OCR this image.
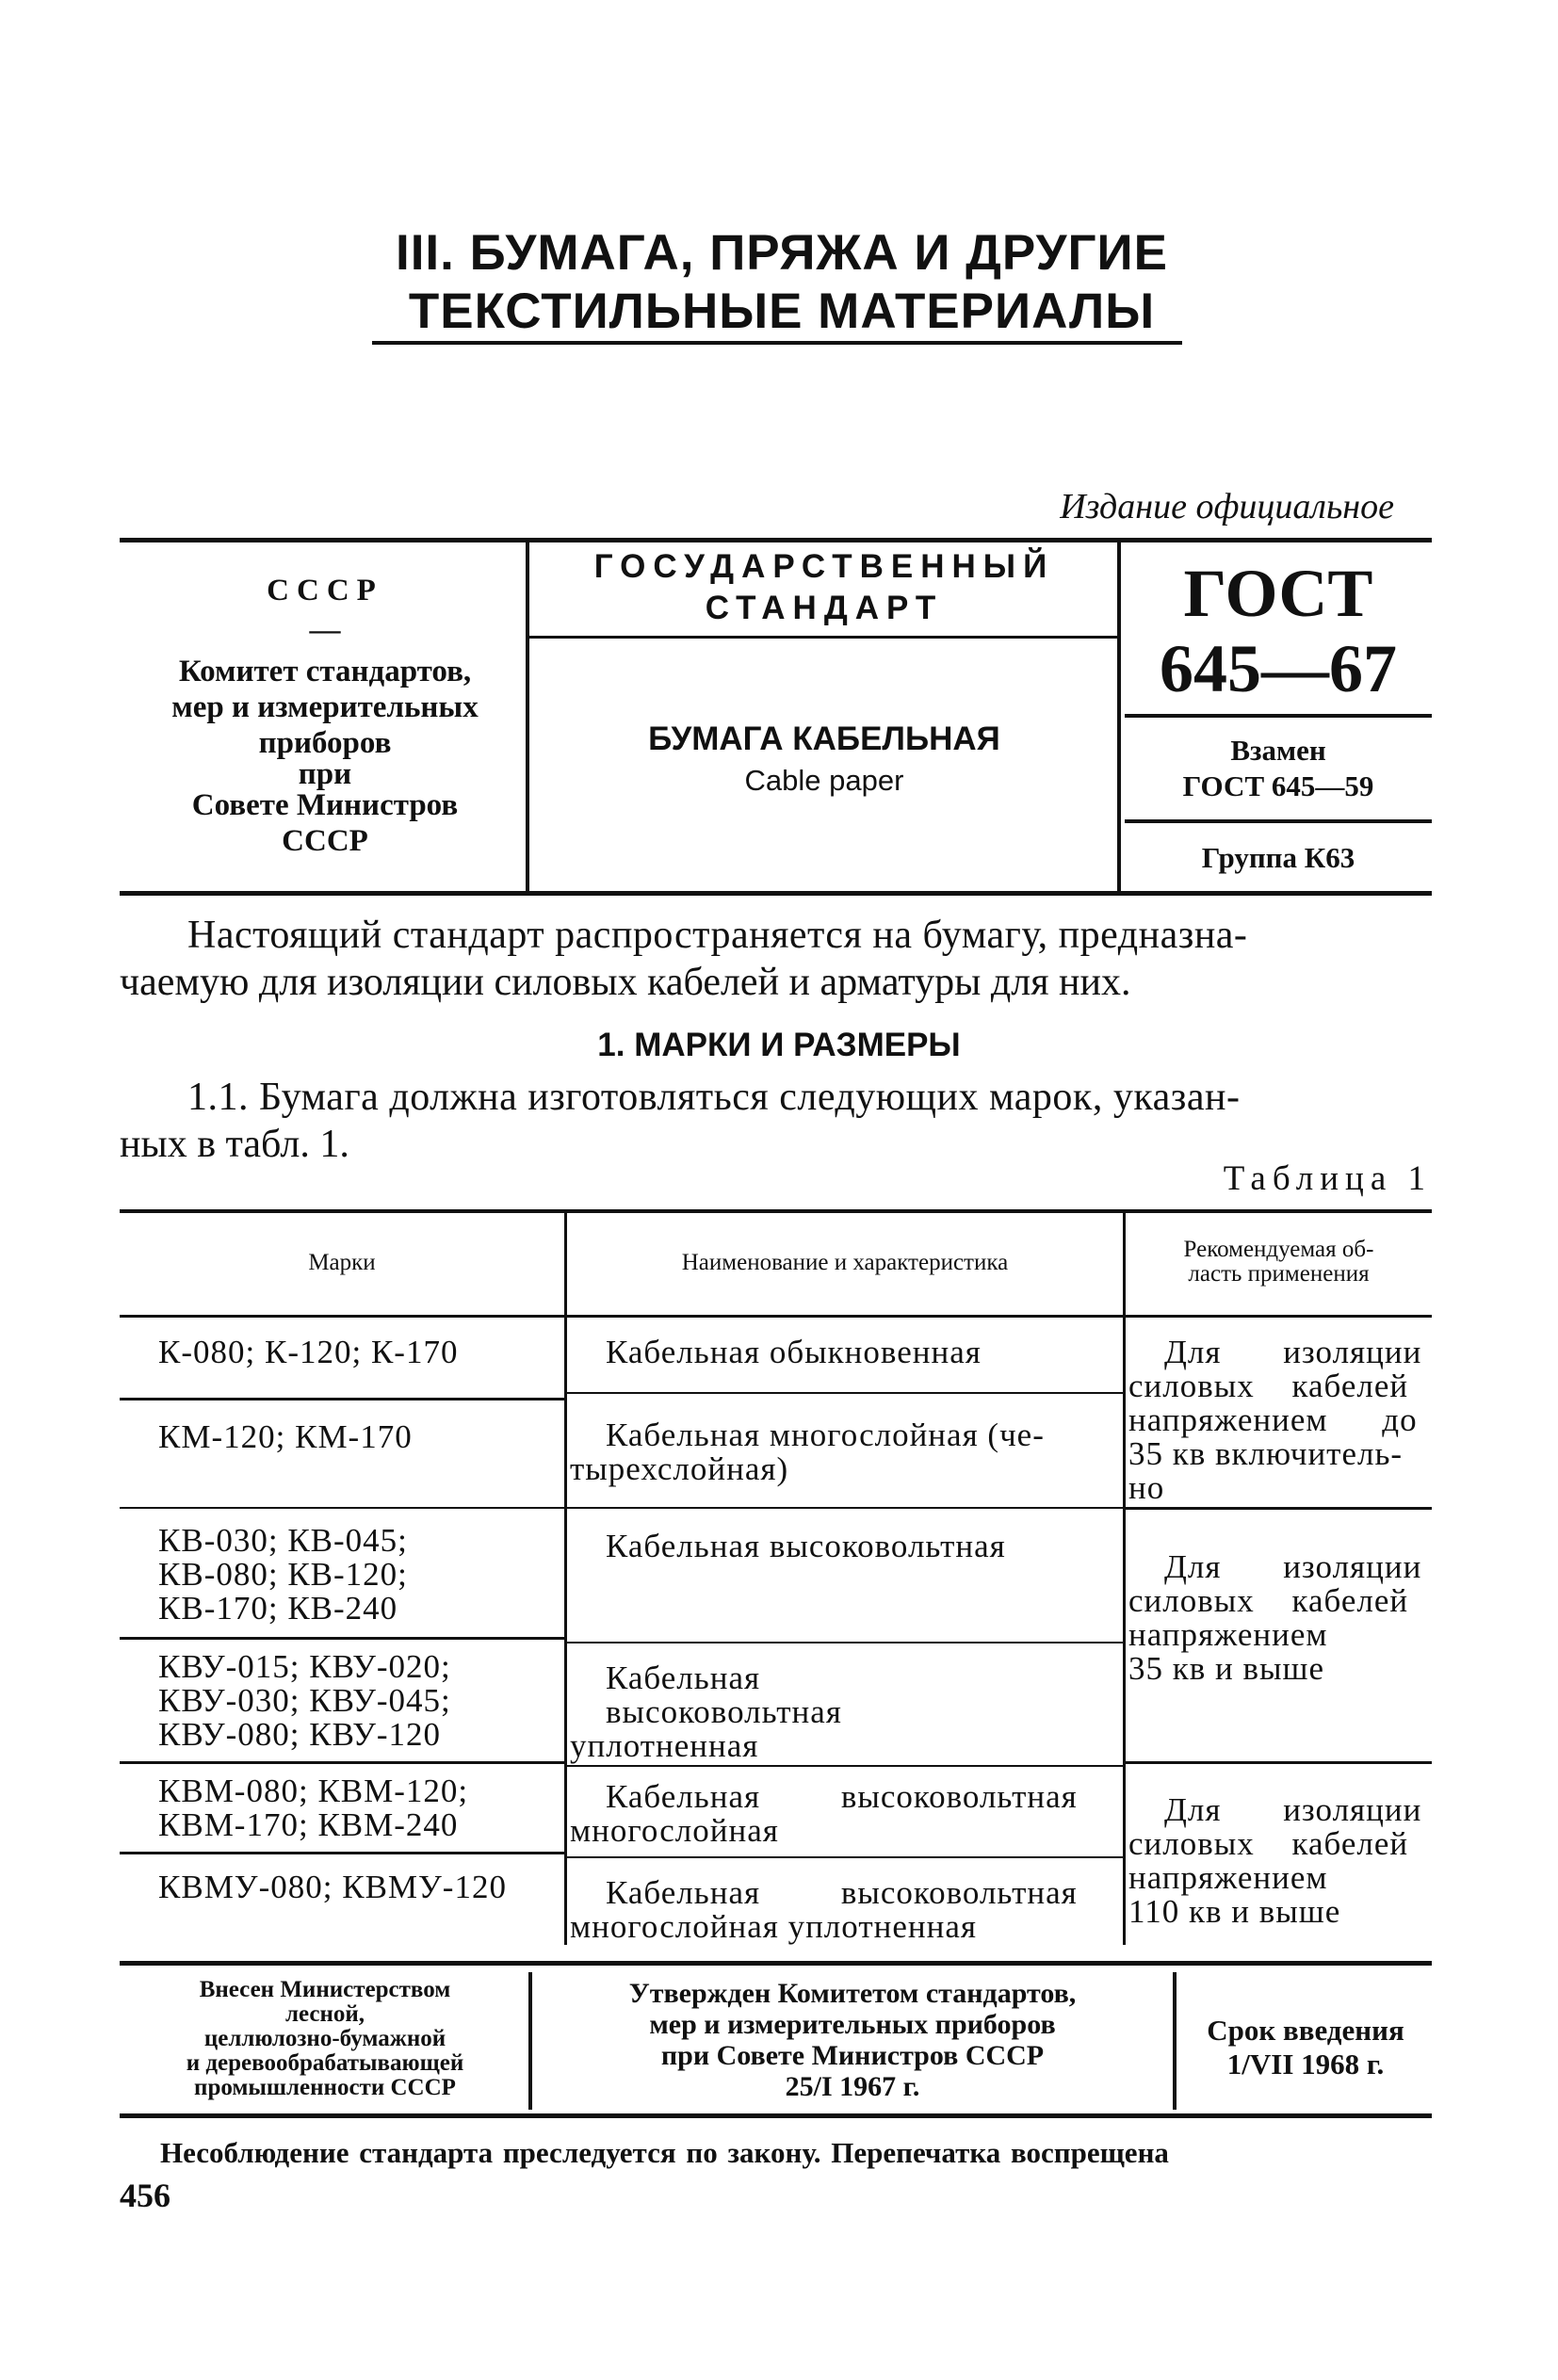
III. БУМАГА, ПРЯЖА И ДРУГИЕ
ТЕКСТИЛЬНЫЕ МАТЕРИАЛЫ
Издание официальное
СССР
—
Комитет стандартов,
мер и измерительных
приборов
при
Совете Министров
СССР
ГОСУДАРСТВЕННЫЙ
СТАНДАРТ
БУМАГА КАБЕЛЬНАЯ
Cable paper
ГОСТ
645—67
Взамен
ГОСТ 645—59
Группа К63
Настоящий стандарт распространяется на бумагу, предназна-
чаемую для изоляции силовых кабелей и арматуры для них.
1. МАРКИ И РАЗМЕРЫ
1.1. Бумага должна изготовляться следующих марок, указан-
ных в табл. 1.
Таблица 1
Марки	Наименование и характеристика
Рекомендуемая об-
ласть применения
К-080; К-120; К-170
КМ-120; КМ-170
КВ-030; КВ-045;
КВ-080; КВ-120;
КВ-170; КВ-240
КВУ-015; КВУ-020;
КВУ-030; КВУ-045;
КВУ-080; КВУ-120
КВМ-080; КВМ-120;
КВМ-170; КВМ-240
КВМУ-080; КВМУ-120
Кабельная обыкновенная
Кабельная многослойная (че-
тырехслойная)
Кабельная высоковольтная
Кабельная высоковольтная
уплотненная
Кабельная высоковольтная
многослойная
Кабельная высоковольтная
многослойная уплотненная
Для изоляции
силовых кабелей
напряжением до
35 кв включитель-
но
Для изоляции
силовых кабелей
напряжением
35 кв и выше
Для изоляции
силовых кабелей
напряжением
110 кв и выше
Внесен Министерством
лесной,
целлюлозно-бумажной
и деревообрабатывающей
промышленности СССР
Утвержден Комитетом стандартов,
мер и измерительных приборов
при Совете Министров СССР
25/I 1967 г.
Срок введения
1/VII 1968 г.
Несоблюдение стандарта преследуется по закону. Перепечатка воспрещена
456
